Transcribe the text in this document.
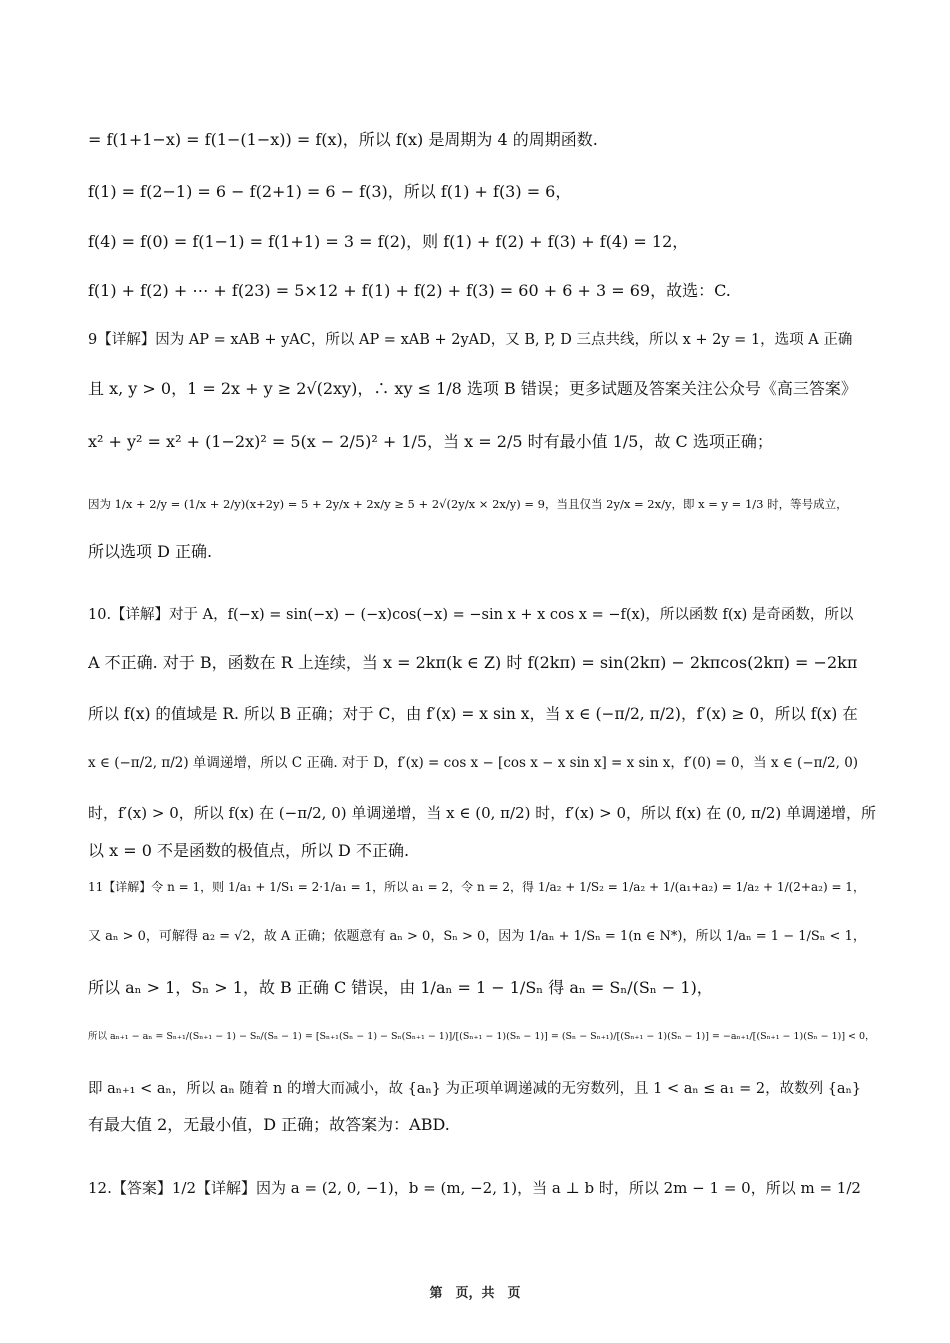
= f(1+1−x) = f(1−(1−x)) = f(x)，所以 f(x) 是周期为 4 的周期函数.
f(1) = f(2−1) = 6 − f(2+1) = 6 − f(3)，所以 f(1) + f(3) = 6，
f(4) = f(0) = f(1−1) = f(1+1) = 3 = f(2)，则 f(1) + f(2) + f(3) + f(4) = 12，
f(1) + f(2) + ⋯ + f(23) = 5×12 + f(1) + f(2) + f(3) = 60 + 6 + 3 = 69，故选：C.
9【详解】因为 AP = xAB + yAC，所以 AP = xAB + 2yAD，又 B, P, D 三点共线，所以 x + 2y = 1，选项 A 正确
且 x, y > 0，1 = 2x + y ≥ 2√(2xy)，∴ xy ≤ 1/8 选项 B 错误；更多试题及答案关注公众号《高三答案》
x² + y² = x² + (1−2x)² = 5(x − 2/5)² + 1/5，当 x = 2/5 时有最小值 1/5，故 C 选项正确；
因为 1/x + 2/y = (1/x + 2/y)(x+2y) = 5 + 2y/x + 2x/y ≥ 5 + 2√(2y/x × 2x/y) = 9，当且仅当 2y/x = 2x/y，即 x = y = 1/3 时，等号成立，
所以选项 D 正确.
10.【详解】对于 A，f(−x) = sin(−x) − (−x)cos(−x) = −sin x + x cos x = −f(x)，所以函数 f(x) 是奇函数，所以
A 不正确. 对于 B，函数在 R 上连续，当 x = 2kπ(k ∈ Z) 时 f(2kπ) = sin(2kπ) − 2kπcos(2kπ) = −2kπ
所以 f(x) 的值域是 R. 所以 B 正确；对于 C，由 f′(x) = x sin x，当 x ∈ (−π/2, π/2)，f′(x) ≥ 0，所以 f(x) 在
x ∈ (−π/2, π/2) 单调递增，所以 C 正确. 对于 D，f′(x) = cos x − [cos x − x sin x] = x sin x，f′(0) = 0，当 x ∈ (−π/2, 0)
时，f′(x) > 0，所以 f(x) 在 (−π/2, 0) 单调递增，当 x ∈ (0, π/2) 时，f′(x) > 0，所以 f(x) 在 (0, π/2) 单调递增，所
以 x = 0 不是函数的极值点，所以 D 不正确.
11【详解】令 n = 1，则 1/a₁ + 1/S₁ = 2·1/a₁ = 1，所以 a₁ = 2，令 n = 2，得 1/a₂ + 1/S₂ = 1/a₂ + 1/(a₁+a₂) = 1/a₂ + 1/(2+a₂) = 1，
又 aₙ > 0，可解得 a₂ = √2，故 A 正确；依题意有 aₙ > 0，Sₙ > 0，因为 1/aₙ + 1/Sₙ = 1(n ∈ N*)，所以 1/aₙ = 1 − 1/Sₙ < 1，
所以 aₙ > 1，Sₙ > 1，故 B 正确 C 错误，由 1/aₙ = 1 − 1/Sₙ 得 aₙ = Sₙ/(Sₙ − 1)，
所以 aₙ₊₁ − aₙ = Sₙ₊₁/(Sₙ₊₁ − 1) − Sₙ/(Sₙ − 1) = [Sₙ₊₁(Sₙ − 1) − Sₙ(Sₙ₊₁ − 1)]/[(Sₙ₊₁ − 1)(Sₙ − 1)] = (Sₙ − Sₙ₊₁)/[(Sₙ₊₁ − 1)(Sₙ − 1)] = −aₙ₊₁/[(Sₙ₊₁ − 1)(Sₙ − 1)] < 0，
即 aₙ₊₁ < aₙ，所以 aₙ 随着 n 的增大而减小，故 {aₙ} 为正项单调递减的无穷数列，且 1 < aₙ ≤ a₁ = 2，故数列 {aₙ}
有最大值 2，无最小值，D 正确；故答案为：ABD.
12.【答案】1/2【详解】因为 a = (2, 0, −1)，b = (m, −2, 1)，当 a ⊥ b 时，所以 2m − 1 = 0，所以 m = 1/2
第　页，共　页
